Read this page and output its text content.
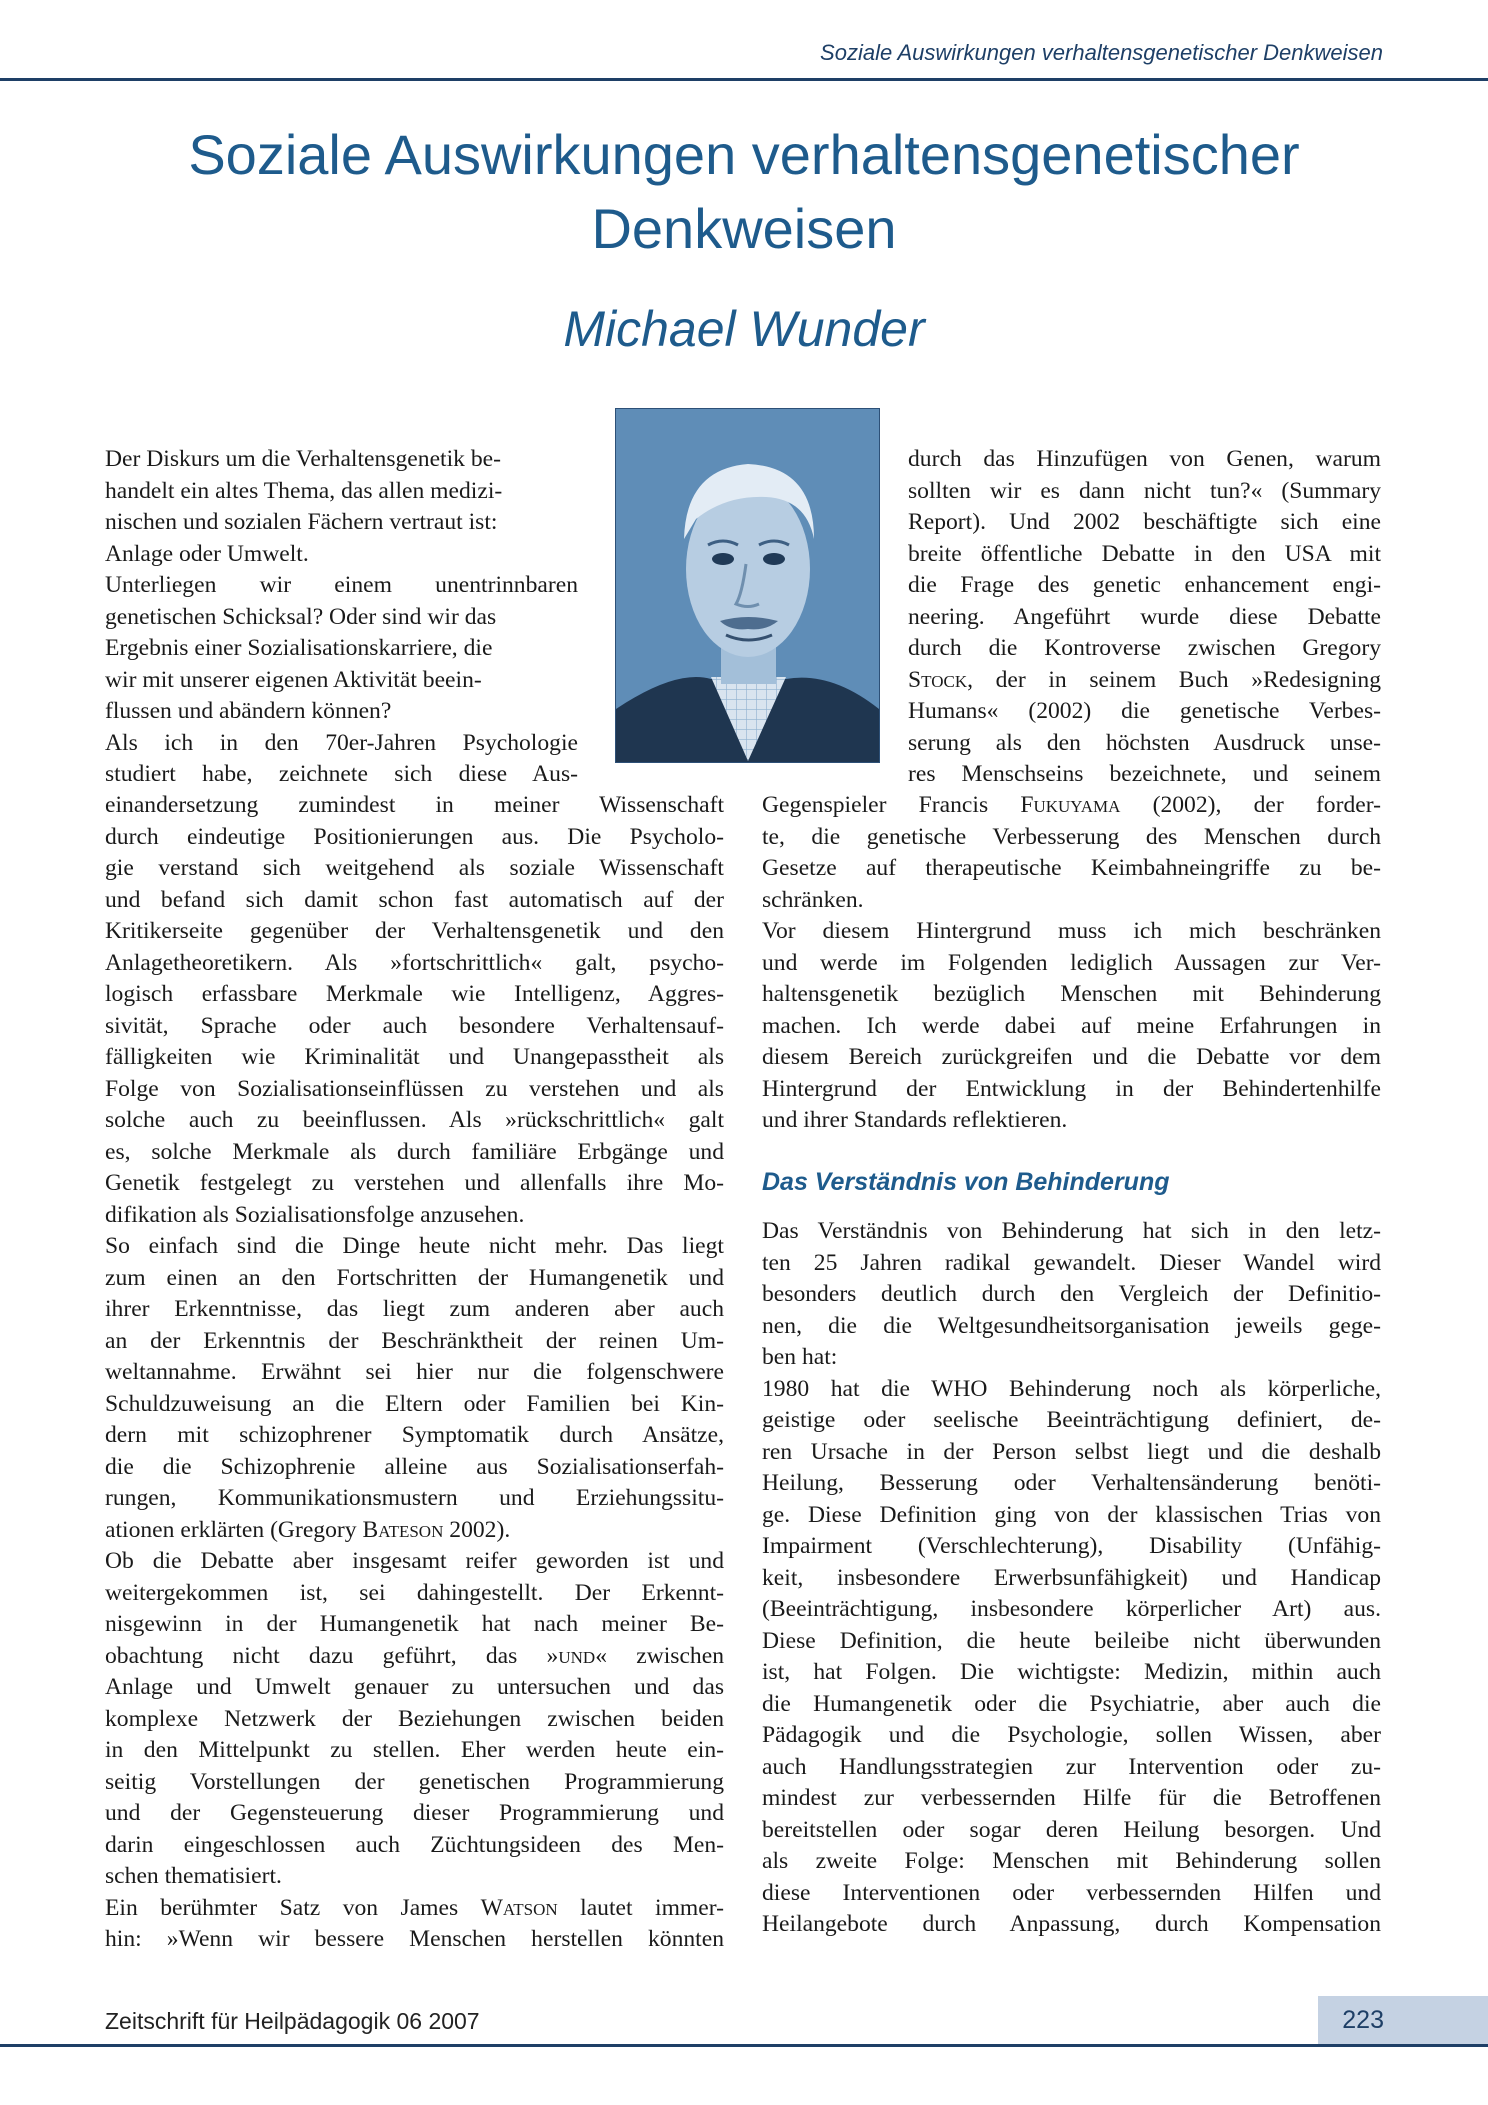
Soziale Auswirkungen verhaltensgenetischer Denkweisen
Soziale Auswirkungen verhaltensgenetischer
Denkweisen
Michael Wunder

Der Diskurs um die Verhaltensgenetik be-
handelt ein altes Thema, das allen medizi-
nischen und sozialen Fächern vertraut ist:
Anlage oder Umwelt.

Unterliegen wir einem unentrinnbaren
genetischen Schicksal? Oder sind wir das
Ergebnis einer Sozialisationskarriere, die
wir mit unserer eigenen Aktivität beein-
flussen und abändern können?

Als ich in den 70er-Jahren Psychologie
studiert habe, zeichnete sich diese Aus-

einandersetzung zumindest in meiner Wissenschaft
durch eindeutige Positionierungen aus. Die Psycholo-
gie verstand sich weitgehend als soziale Wissenschaft
und befand sich damit schon fast automatisch auf der
Kritikerseite gegenüber der Verhaltensgenetik und den
Anlagetheoretikern. Als »fortschrittlich« galt, psycho-
logisch erfassbare Merkmale wie Intelligenz, Aggres-
sivität, Sprache oder auch besondere Verhaltensauf-
fälligkeiten wie Kriminalität und Unangepasstheit als
Folge von Sozialisationseinflüssen zu verstehen und als
solche auch zu beeinflussen. Als »rückschrittlich« galt
es, solche Merkmale als durch familiäre Erbgänge und
Genetik festgelegt zu verstehen und allenfalls ihre Mo-
difikation als Sozialisationsfolge anzusehen.

So einfach sind die Dinge heute nicht mehr. Das liegt
zum einen an den Fortschritten der Humangenetik und
ihrer Erkenntnisse, das liegt zum anderen aber auch
an der Erkenntnis der Beschränktheit der reinen Um-
weltannahme. Erwähnt sei hier nur die folgenschwere
Schuldzuweisung an die Eltern oder Familien bei Kin-
dern mit schizophrener Symptomatik durch Ansätze,
die die Schizophrenie alleine aus Sozialisationserfah-
rungen, Kommunikationsmustern und Erziehungssitu-
ationen erklärten (Gregory Bateson 2002).

Ob die Debatte aber insgesamt reifer geworden ist und
weitergekommen ist, sei dahingestellt. Der Erkennt-
nisgewinn in der Humangenetik hat nach meiner Be-
obachtung nicht dazu geführt, das »und« zwischen
Anlage und Umwelt genauer zu untersuchen und das
komplexe Netzwerk der Beziehungen zwischen beiden
in den Mittelpunkt zu stellen. Eher werden heute ein-
seitig Vorstellungen der genetischen Programmierung
und der Gegensteuerung dieser Programmierung und
darin eingeschlossen auch Züchtungsideen des Men-
schen thematisiert.

Ein berühmter Satz von James Watson lautet immer-
hin: »Wenn wir bessere Menschen herstellen könnten

durch das Hinzufügen von Genen, warum
sollten wir es dann nicht tun?« (Summary
Report). Und 2002 beschäftigte sich eine
breite öffentliche Debatte in den USA mit
die Frage des genetic enhancement engi-
neering. Angeführt wurde diese Debatte
durch die Kontroverse zwischen Gregory
Stock, der in seinem Buch »Redesigning
Humans« (2002) die genetische Verbes-
serung als den höchsten Ausdruck unse-
res Menschseins bezeichnete, und seinem

Gegenspieler Francis Fukuyama (2002), der forder-
te, die genetische Verbesserung des Menschen durch
Gesetze auf therapeutische Keimbahneingriffe zu be-
schränken.

Vor diesem Hintergrund muss ich mich beschränken
und werde im Folgenden lediglich Aussagen zur Ver-
haltensgenetik bezüglich Menschen mit Behinderung
machen. Ich werde dabei auf meine Erfahrungen in
diesem Bereich zurückgreifen und die Debatte vor dem
Hintergrund der Entwicklung in der Behindertenhilfe
und ihrer Standards reflektieren.

Das Verständnis von Behinderung

Das Verständnis von Behinderung hat sich in den letz-
ten 25 Jahren radikal gewandelt. Dieser Wandel wird
besonders deutlich durch den Vergleich der Definitio-
nen, die die Weltgesundheitsorganisation jeweils gege-
ben hat:

1980 hat die WHO Behinderung noch als körperliche,
geistige oder seelische Beeinträchtigung definiert, de-
ren Ursache in der Person selbst liegt und die deshalb
Heilung, Besserung oder Verhaltensänderung benöti-
ge. Diese Definition ging von der klassischen Trias von
Impairment (Verschlechterung), Disability (Unfähig-
keit, insbesondere Erwerbsunfähigkeit) und Handicap
(Beeinträchtigung, insbesondere körperlicher Art) aus.
Diese Definition, die heute beileibe nicht überwunden
ist, hat Folgen. Die wichtigste: Medizin, mithin auch
die Humangenetik oder die Psychiatrie, aber auch die
Pädagogik und die Psychologie, sollen Wissen, aber
auch Handlungsstrategien zur Intervention oder zu-
mindest zur verbessernden Hilfe für die Betroffenen
bereitstellen oder sogar deren Heilung besorgen. Und
als zweite Folge: Menschen mit Behinderung sollen
diese Interventionen oder verbessernden Hilfen und
Heilangebote durch Anpassung, durch Kompensation

Zeitschrift für Heilpädagogik 06 2007	223
